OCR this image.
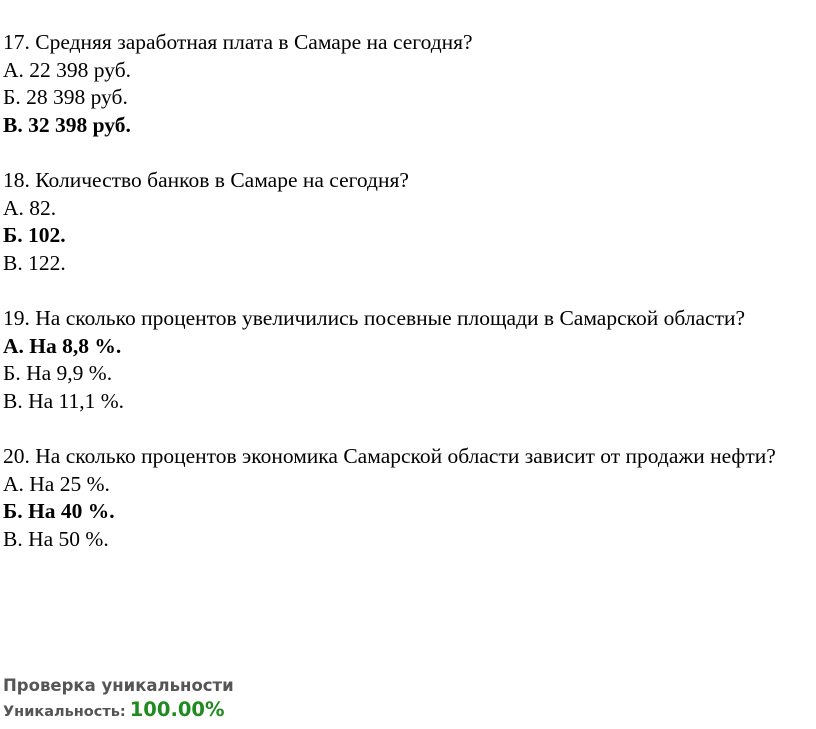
17. Средняя заработная плата в Самаре на сегодня?

А. 22 398 руб.

Б. 28 398 руб.

В. 32 398 руб.

18. Количество банков в Самаре на сегодня?

А. 82.

Б. 102.

В. 122.

19. На сколько процентов увеличились посевные площади в Самарской области?

А. На 8,8 %.

Б. На 9,9 %.

В. На 11,1 %.

20. На сколько процентов экономика Самарской области зависит от продажи нефти?

А. На 25 %.

Б. На 40 %.

В. На 50 %.

Проверка уникальности

Уникальность: 100.00%
